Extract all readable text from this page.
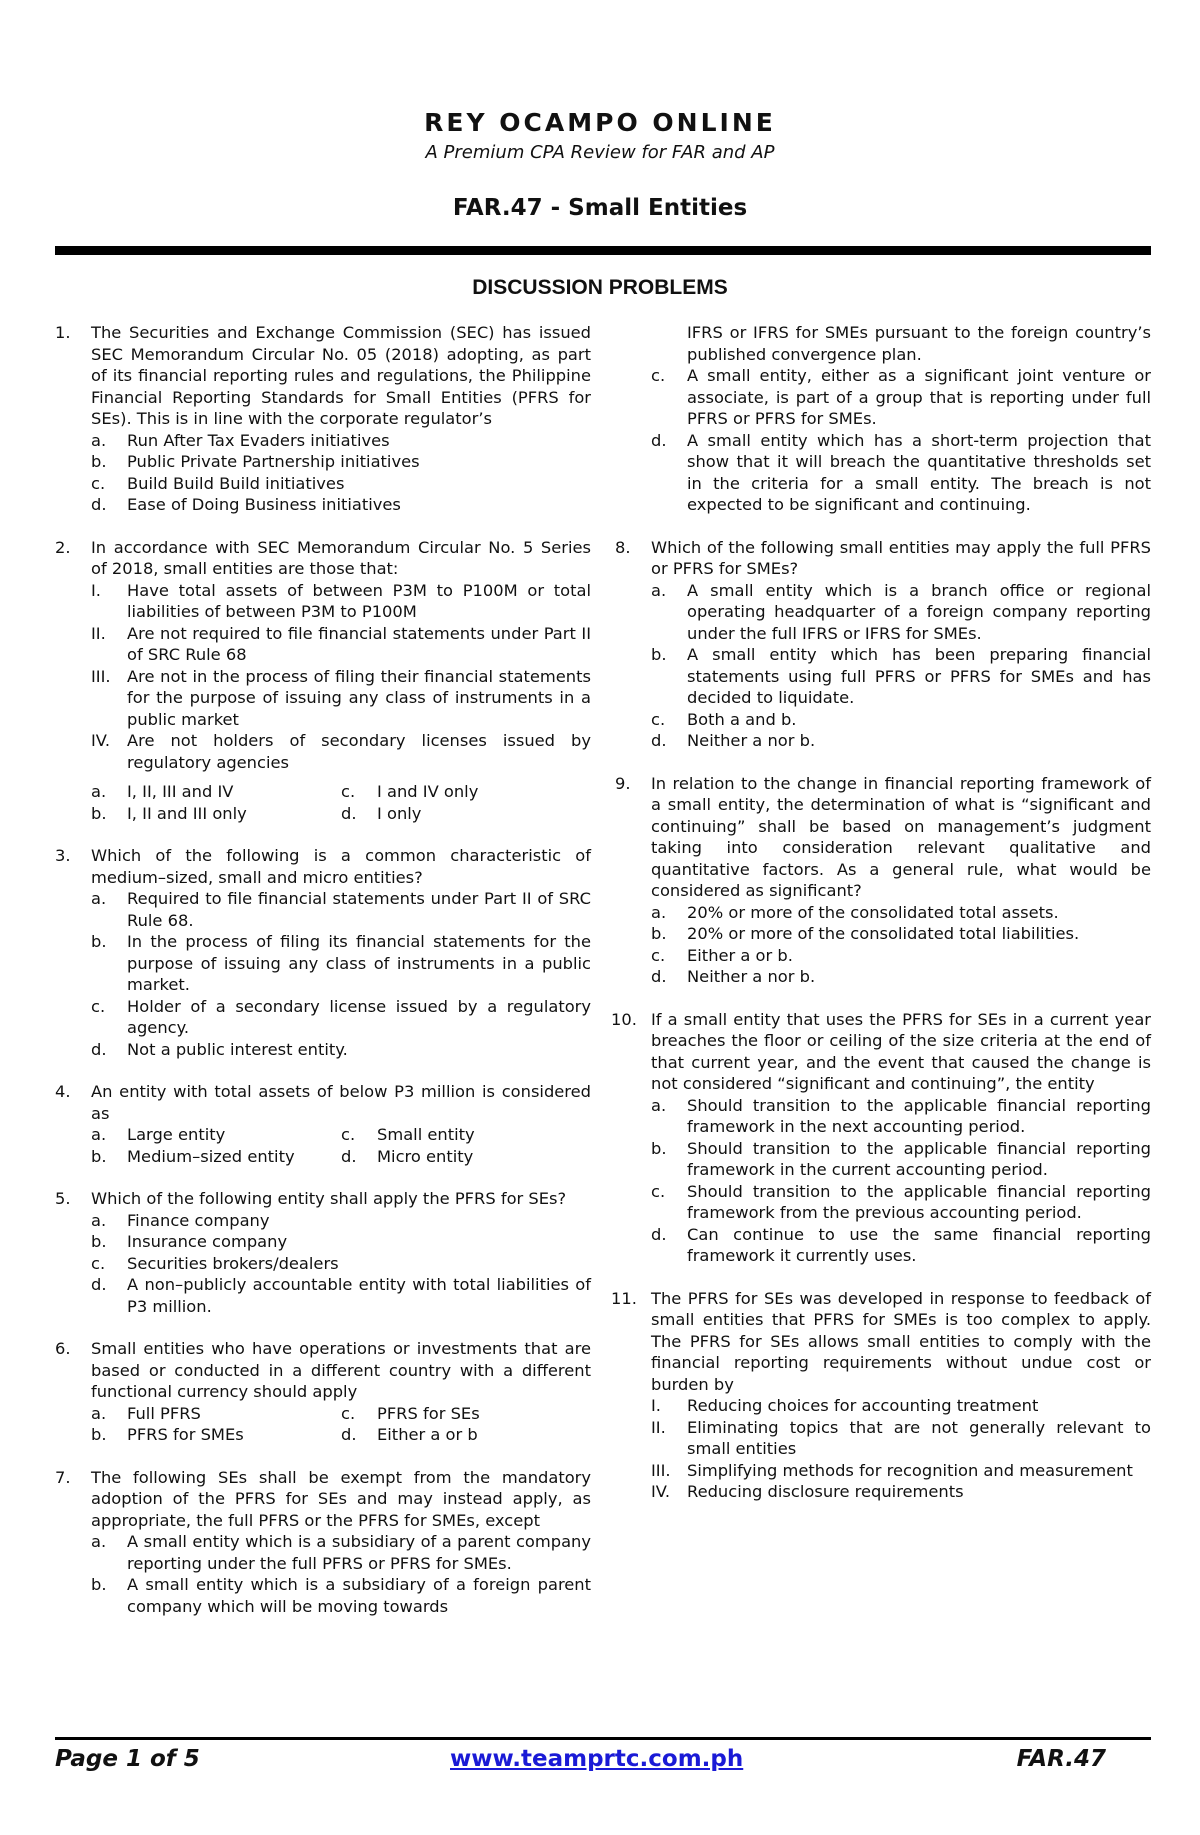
REY OCAMPO ONLINE
A Premium CPA Review for FAR and AP
FAR.47 - Small Entities
DISCUSSION PROBLEMS
1. The Securities and Exchange Commission (SEC) has issued SEC Memorandum Circular No. 05 (2018) adopting, as part of its financial reporting rules and regulations, the Philippine Financial Reporting Standards for Small Entities (PFRS for SEs). This is in line with the corporate regulator’s
a. Run After Tax Evaders initiatives
b. Public Private Partnership initiatives
c. Build Build Build initiatives
d. Ease of Doing Business initiatives
2. In accordance with SEC Memorandum Circular No. 5 Series of 2018, small entities are those that:
I. Have total assets of between P3M to P100M or total liabilities of between P3M to P100M
II. Are not required to file financial statements under Part II of SRC Rule 68
III. Are not in the process of filing their financial statements for the purpose of issuing any class of instruments in a public market
IV. Are not holders of secondary licenses issued by regulatory agencies
a. I, II, III and IV	c. I and IV only
b. I, II and III only	d. I only
3. Which of the following is a common characteristic of medium–sized, small and micro entities?
a. Required to file financial statements under Part II of SRC Rule 68.
b. In the process of filing its financial statements for the purpose of issuing any class of instruments in a public market.
c. Holder of a secondary license issued by a regulatory agency.
d. Not a public interest entity.
4. An entity with total assets of below P3 million is considered as
a. Large entity	c. Small entity
b. Medium–sized entity	d. Micro entity
5. Which of the following entity shall apply the PFRS for SEs?
a. Finance company
b. Insurance company
c. Securities brokers/dealers
d. A non–publicly accountable entity with total liabilities of P3 million.
6. Small entities who have operations or investments that are based or conducted in a different country with a different functional currency should apply
a. Full PFRS	c. PFRS for SEs
b. PFRS for SMEs	d. Either a or b
7. The following SEs shall be exempt from the mandatory adoption of the PFRS for SEs and may instead apply, as appropriate, the full PFRS or the PFRS for SMEs, except
a. A small entity which is a subsidiary of a parent company reporting under the full PFRS or PFRS for SMEs.
b. A small entity which is a subsidiary of a foreign parent company which will be moving towards
IFRS or IFRS for SMEs pursuant to the foreign country’s published convergence plan.
c. A small entity, either as a significant joint venture or associate, is part of a group that is reporting under full PFRS or PFRS for SMEs.
d. A small entity which has a short-term projection that show that it will breach the quantitative thresholds set in the criteria for a small entity. The breach is not expected to be significant and continuing.
8. Which of the following small entities may apply the full PFRS or PFRS for SMEs?
a. A small entity which is a branch office or regional operating headquarter of a foreign company reporting under the full IFRS or IFRS for SMEs.
b. A small entity which has been preparing financial statements using full PFRS or PFRS for SMEs and has decided to liquidate.
c. Both a and b.
d. Neither a nor b.
9. In relation to the change in financial reporting framework of a small entity, the determination of what is “significant and continuing” shall be based on management’s judgment taking into consideration relevant qualitative and quantitative factors. As a general rule, what would be considered as significant?
a. 20% or more of the consolidated total assets.
b. 20% or more of the consolidated total liabilities.
c. Either a or b.
d. Neither a nor b.
10. If a small entity that uses the PFRS for SEs in a current year breaches the floor or ceiling of the size criteria at the end of that current year, and the event that caused the change is not considered “significant and continuing”, the entity
a. Should transition to the applicable financial reporting framework in the next accounting period.
b. Should transition to the applicable financial reporting framework in the current accounting period.
c. Should transition to the applicable financial reporting framework from the previous accounting period.
d. Can continue to use the same financial reporting framework it currently uses.
11. The PFRS for SEs was developed in response to feedback of small entities that PFRS for SMEs is too complex to apply. The PFRS for SEs allows small entities to comply with the financial reporting requirements without undue cost or burden by
I. Reducing choices for accounting treatment
II. Eliminating topics that are not generally relevant to small entities
III. Simplifying methods for recognition and measurement
IV. Reducing disclosure requirements
Page 1 of 5	www.teamprtc.com.ph	FAR.47
